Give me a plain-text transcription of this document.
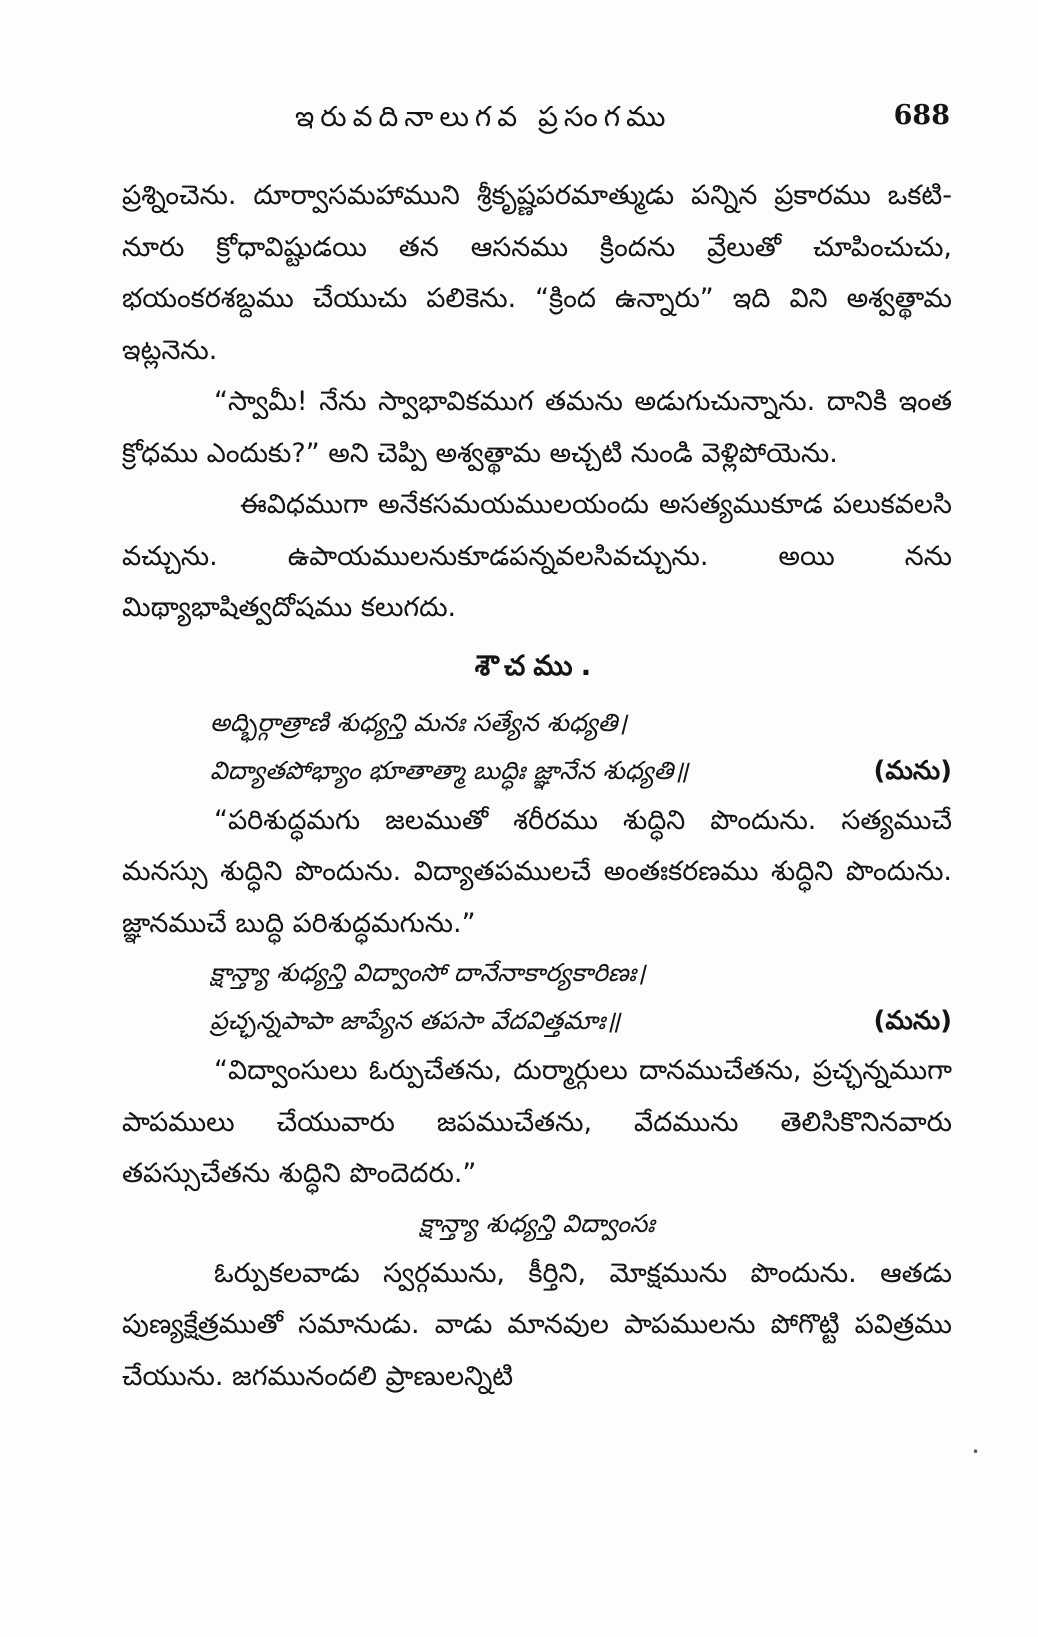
ఇరువదినాలుగవ ప్రసంగము	688

ప్రశ్నించెను. దూర్వాసమహాముని శ్రీకృష్ణపరమాత్ముడు పన్నిన ప్రకారము ఒకటి-నూరు క్రోధావిష్టుడయి తన ఆసనము క్రిందను వ్రేలుతో చూపించుచు, భయంకరశబ్దము చేయుచు పలికెను. “క్రింద ఉన్నారు” ఇది విని అశ్వత్థామ ఇట్లనెను.

“స్వామీ! నేను స్వాభావికముగ తమను అడుగుచున్నాను. దానికి ఇంత క్రోధము ఎందుకు?” అని చెప్పి అశ్వత్థామ అచ్చటి నుండి వెళ్లిపోయెను.

ఈవిధముగా అనేకసమయములయందు అసత్యముకూడ పలుకవలసి వచ్చును. ఉపాయములనుకూడపన్నవలసివచ్చును. అయి నను మిథ్యాభాషిత్వదోషము కలుగదు.

శౌచము.
అద్భిర్గాత్రాణి శుధ్యన్తి మనః సత్యేన శుధ్యతి।
విద్యాతపోభ్యాం భూతాత్మా బుద్ధిః జ్ఞానేన శుధ్యతి॥	(మను)

“పరిశుద్ధమగు జలముతో శరీరము శుద్ధిని పొందును. సత్యముచే మనస్సు శుద్ధిని పొందును. విద్యాతపములచే అంతఃకరణము శుద్ధిని పొందును. జ్ఞానముచే బుద్ధి పరిశుద్ధమగును.”

క్షాన్త్యా శుధ్యన్తి విద్వాంసో దానేనాకార్యకారిణః।
ప్రచ్ఛన్నపాపా జాప్యేన తపసా వేదవిత్తమాః॥	(మను)

“విద్వాంసులు ఓర్పుచేతను, దుర్మార్గులు దానముచేతను, ప్రచ్ఛన్నముగా పాపములు చేయువారు జపముచేతను, వేదమును తెలిసికొనినవారు తపస్సుచేతను శుద్ధిని పొందెదరు.”

క్షాన్త్యా శుధ్యన్తి విద్వాంసః

ఓర్పుకలవాడు స్వర్గమును, కీర్తిని, మోక్షమును పొందును. ఆతడు పుణ్యక్షేత్రముతో సమానుడు. వాడు మానవుల పాపములను పోగొట్టి పవిత్రము చేయును. జగమునందలి ప్రాణులన్నిటి

•
